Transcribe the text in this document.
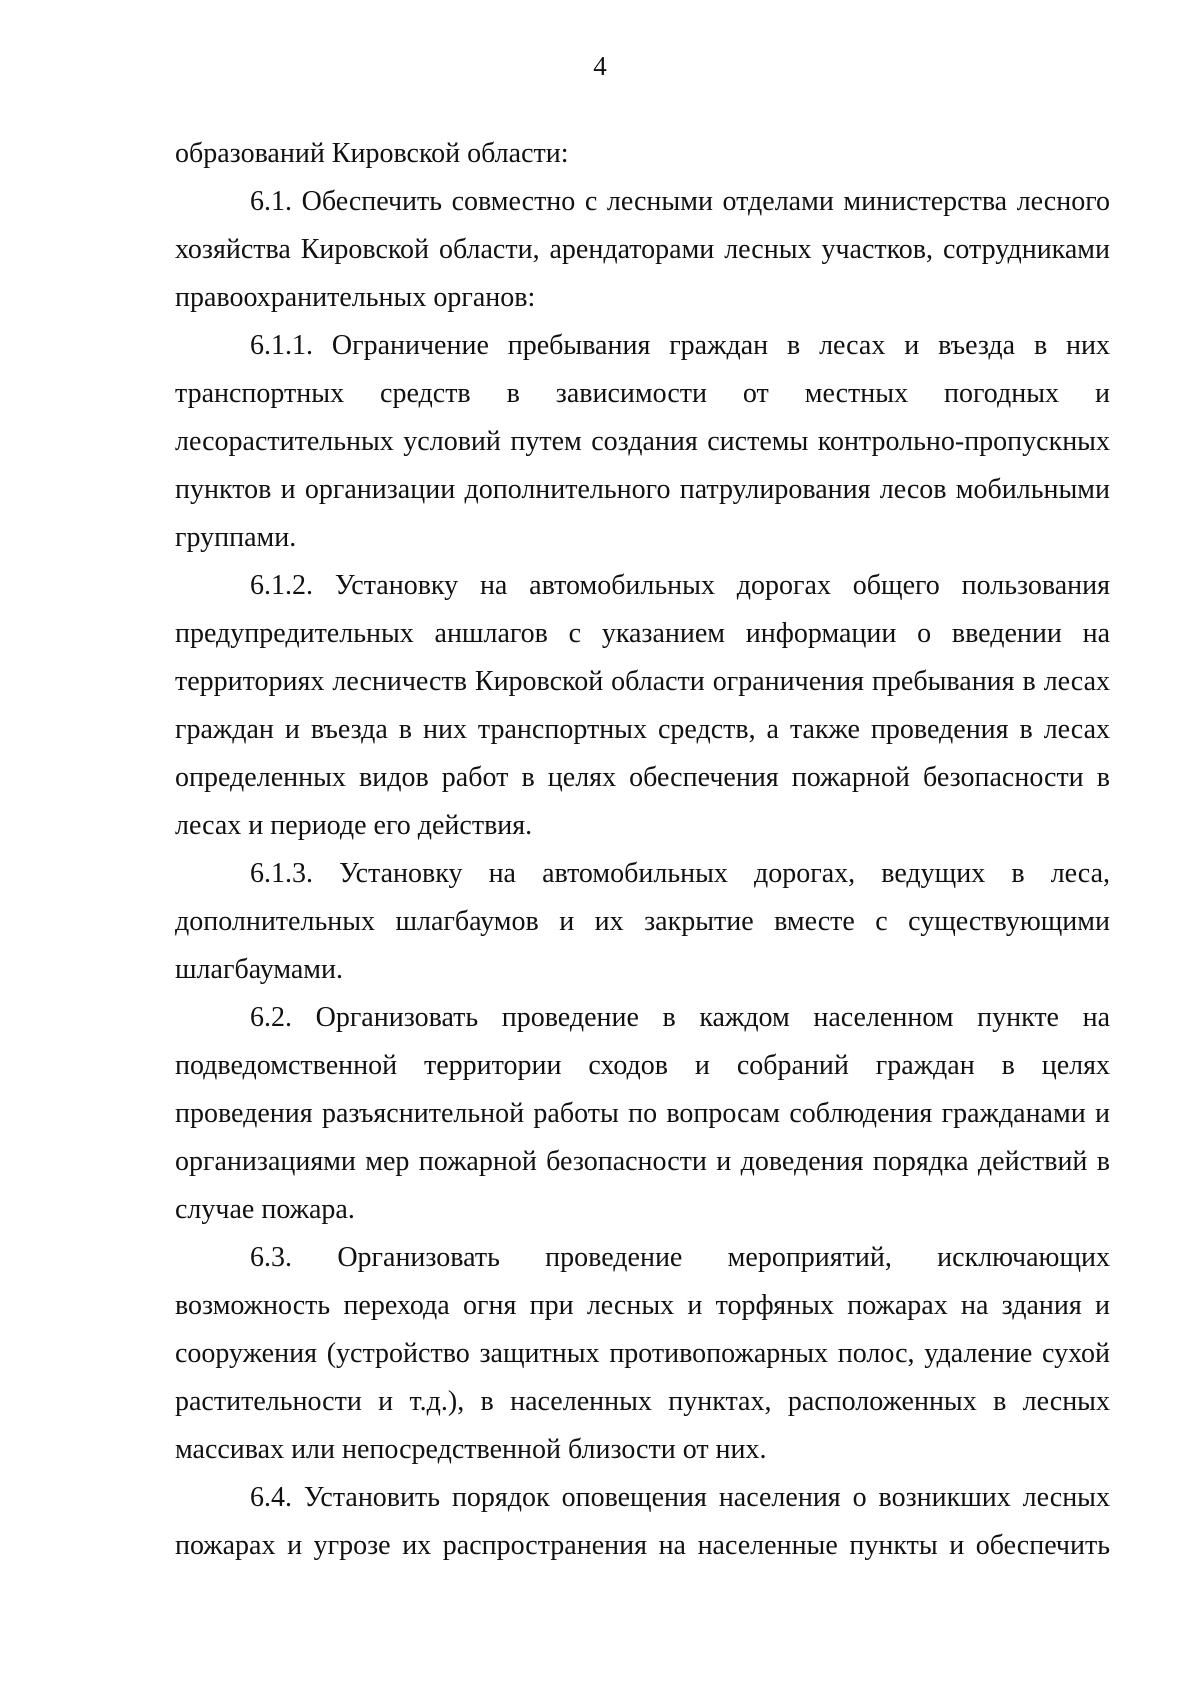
4

образований Кировской области:

6.1. Обеспечить совместно с лесными отделами министерства лесного хозяйства Кировской области, арендаторами лесных участков, сотрудниками правоохранительных органов:

6.1.1. Ограничение пребывания граждан в лесах и въезда в них транспортных средств в зависимости от местных погодных и лесорастительных условий путем создания системы контрольно-пропускных пунктов и организации дополнительного патрулирования лесов мобильными группами.

6.1.2. Установку на автомобильных дорогах общего пользования предупредительных аншлагов с указанием информации о введении на территориях лесничеств Кировской области ограничения пребывания в лесах граждан и въезда в них транспортных средств, а также проведения в лесах определенных видов работ в целях обеспечения пожарной безопасности в лесах и периоде его действия.

6.1.3. Установку на автомобильных дорогах, ведущих в леса, дополнительных шлагбаумов и их закрытие вместе с существующими шлагбаумами.

6.2. Организовать проведение в каждом населенном пункте на подведомственной территории сходов и собраний граждан в целях проведения разъяснительной работы по вопросам соблюдения гражданами и организациями мер пожарной безопасности и доведения порядка действий в случае пожара.

6.3. Организовать проведение мероприятий, исключающих возможность перехода огня при лесных и торфяных пожарах на здания и сооружения (устройство защитных противопожарных полос, удаление сухой растительности и т.д.), в населенных пунктах, расположенных в лесных массивах или непосредственной близости от них.

6.4. Установить порядок оповещения населения о возникших лесных пожарах и угрозе их распространения на населенные пункты и обеспечить
